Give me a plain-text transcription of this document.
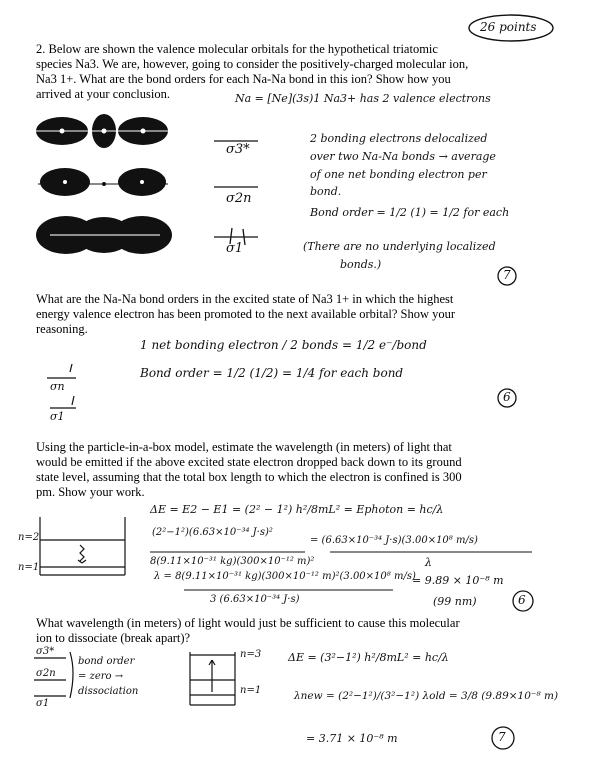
26 points
2. Below are shown the valence molecular orbitals for the hypothetical triatomic
species Na3. We are, however, going to consider the positively-charged molecular ion,
Na3 1+. What are the bond orders for each Na-Na bond in this ion? Show how you
arrived at your conclusion.
σ3*
σ2n
σ1
Na = [Ne](3s)1 Na3+ has 2 valence electrons
2 bonding electrons delocalized
over two Na-Na bonds → average
of one net bonding electron per
bond.
Bond order = 1/2 (1) = 1/2 for each
(There are no underlying localized
bonds.)
7
What are the Na-Na bond orders in the excited state of Na3 1+ in which the highest
energy valence electron has been promoted to the next available orbital? Show your
reasoning.
1 net bonding electron / 2 bonds = 1/2 e⁻/bond
Bond order = 1/2 (1/2) = 1/4 for each bond
σn
σ1
6
Using the particle-in-a-box model, estimate the wavelength (in meters) of light that
would be emitted if the above excited state electron dropped back down to its ground
state level, assuming that the total box length to which the electron is confined is 300
pm. Show your work.
n=2
n=1
ΔE = E2 − E1 = (2² − 1²) h²/8mL² = Ephoton = hc/λ
(2²−1²)(6.63×10⁻³⁴ J·s)²
8(9.11×10⁻³¹ kg)(300×10⁻¹² m)²
= (6.63×10⁻³⁴ J·s)(3.00×10⁸ m/s)
λ
λ = 8(9.11×10⁻³¹ kg)(300×10⁻¹² m)²(3.00×10⁸ m/s)
3 (6.63×10⁻³⁴ J·s)
= 9.89 × 10⁻⁸ m
(99 nm)	6
What wavelength (in meters) of light would just be sufficient to cause this molecular
ion to dissociate (break apart)?
σ3*
σ2n
σ1
bond order
= zero →
dissociation
n=3
n=1
ΔE = (3²−1²) h²/8mL² = hc/λ
λnew = (2²−1²)/(3²−1²) λold = 3/8 (9.89×10⁻⁸ m)
= 3.71 × 10⁻⁸ m	7
